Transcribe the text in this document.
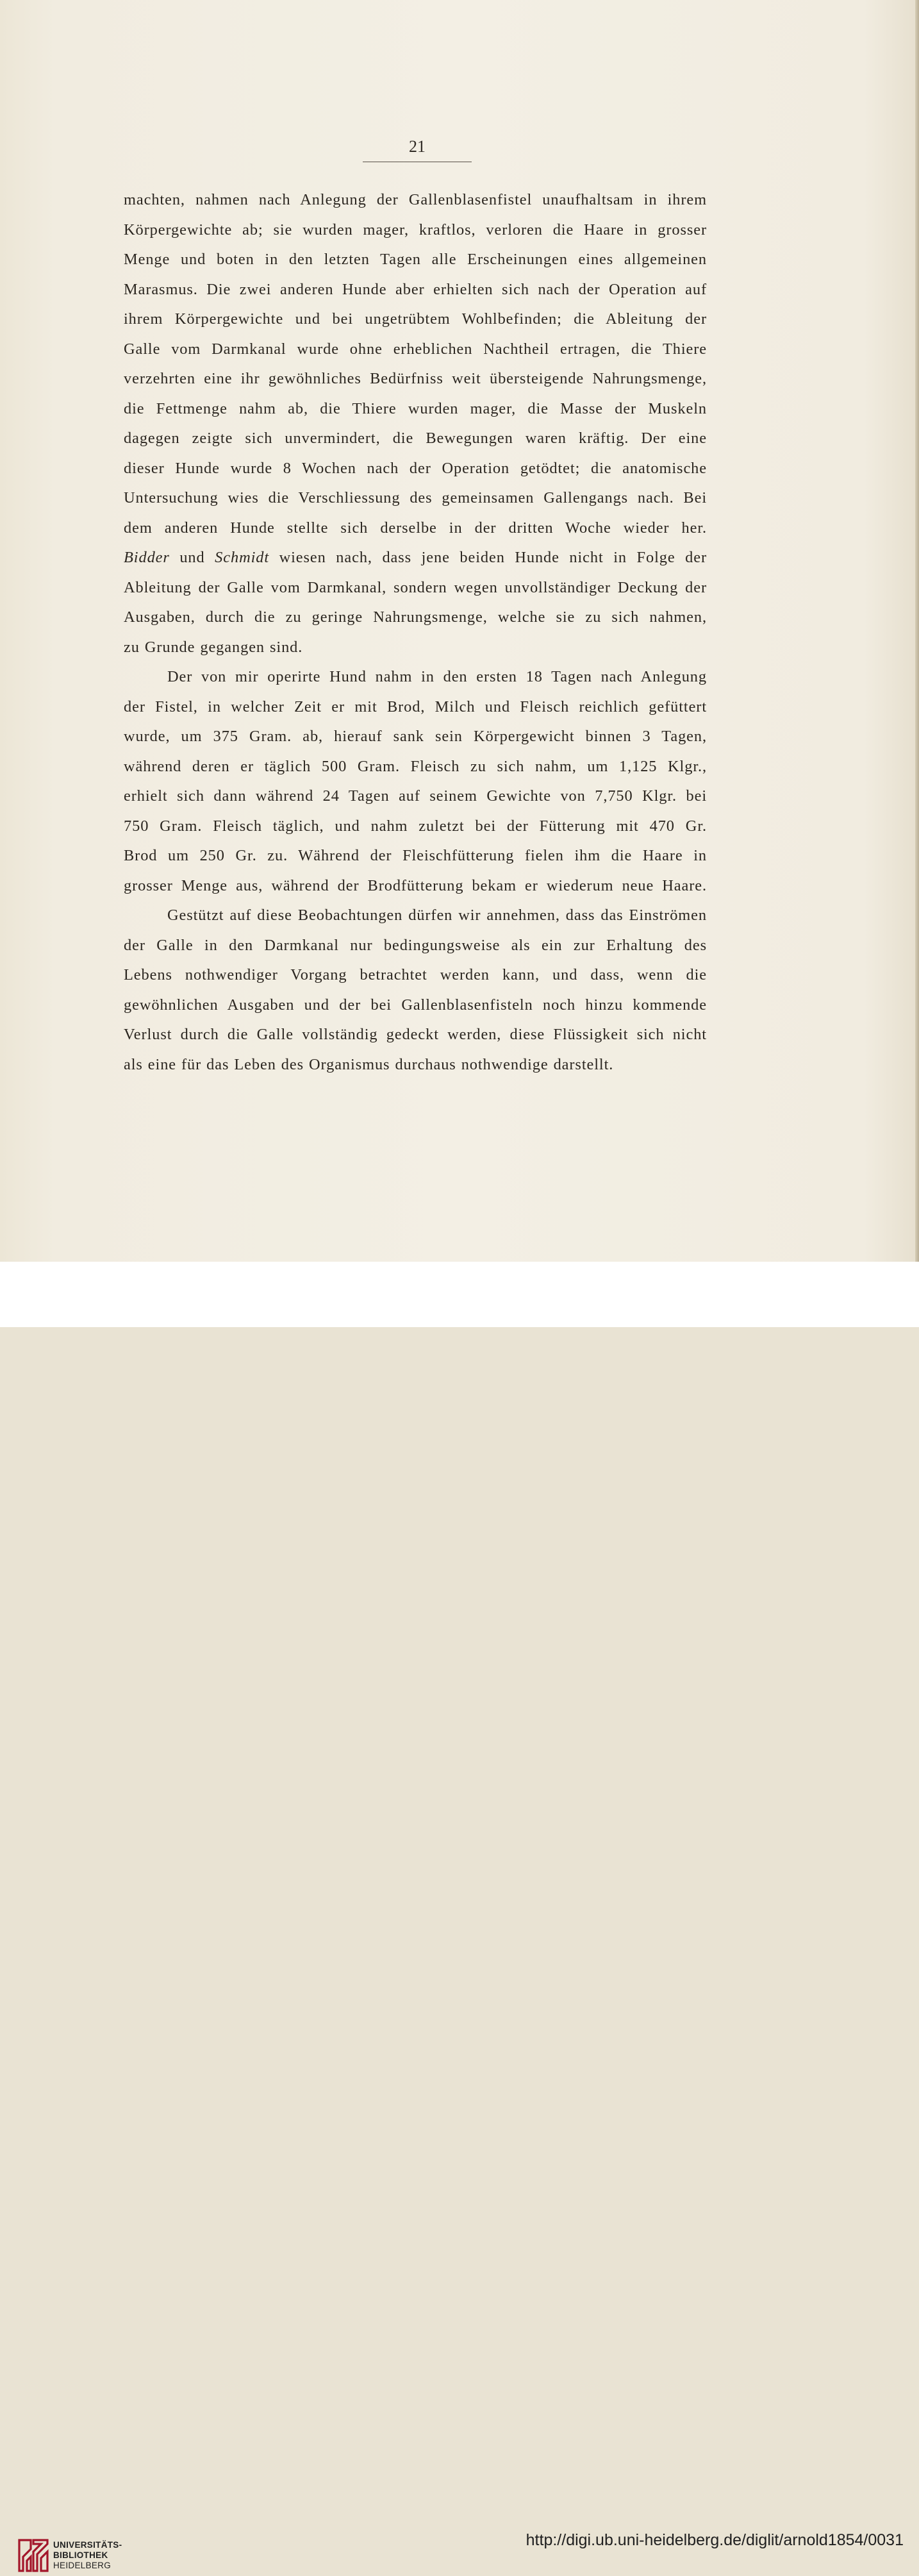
21
machten, nahmen nach Anlegung der Gallenblasenfistel unaufhaltsam in ihrem
Körpergewichte ab; sie wurden mager, kraftlos, verloren die Haare in grosser
Menge und boten in den letzten Tagen alle Erscheinungen eines allgemeinen
Marasmus. Die zwei anderen Hunde aber erhielten sich nach der Operation auf
ihrem Körpergewichte und bei ungetrübtem Wohlbefinden; die Ableitung der
Galle vom Darmkanal wurde ohne erheblichen Nachtheil ertragen, die Thiere
verzehrten eine ihr gewöhnliches Bedürfniss weit übersteigende Nahrungsmenge,
die Fettmenge nahm ab, die Thiere wurden mager, die Masse der Muskeln
dagegen zeigte sich unvermindert, die Bewegungen waren kräftig. Der eine
dieser Hunde wurde 8 Wochen nach der Operation getödtet; die anatomische
Untersuchung wies die Verschliessung des gemeinsamen Gallengangs nach. Bei
dem anderen Hunde stellte sich derselbe in der dritten Woche wieder her.
Bidder und Schmidt wiesen nach, dass jene beiden Hunde nicht in Folge der
Ableitung der Galle vom Darmkanal, sondern wegen unvollständiger Deckung der
Ausgaben, durch die zu geringe Nahrungsmenge, welche sie zu sich nahmen,
zu Grunde gegangen sind.
Der von mir operirte Hund nahm in den ersten 18 Tagen nach Anlegung
der Fistel, in welcher Zeit er mit Brod, Milch und Fleisch reichlich gefüttert
wurde, um 375 Gram. ab, hierauf sank sein Körpergewicht binnen 3 Tagen,
während deren er täglich 500 Gram. Fleisch zu sich nahm, um 1,125 Klgr.,
erhielt sich dann während 24 Tagen auf seinem Gewichte von 7,750 Klgr. bei
750 Gram. Fleisch täglich, und nahm zuletzt bei der Fütterung mit 470 Gr.
Brod um 250 Gr. zu. Während der Fleischfütterung fielen ihm die Haare in
grosser Menge aus, während der Brodfütterung bekam er wiederum neue Haare.
Gestützt auf diese Beobachtungen dürfen wir annehmen, dass das Einströmen
der Galle in den Darmkanal nur bedingungsweise als ein zur Erhaltung des
Lebens nothwendiger Vorgang betrachtet werden kann, und dass, wenn die
gewöhnlichen Ausgaben und der bei Gallenblasenfisteln noch hinzu kommende
Verlust durch die Galle vollständig gedeckt werden, diese Flüssigkeit sich nicht
als eine für das Leben des Organismus durchaus nothwendige darstellt.
UNIVERSITÄTS-
BIBLIOTHEK
HEIDELBERG
http://digi.ub.uni-heidelberg.de/diglit/arnold1854/0031
